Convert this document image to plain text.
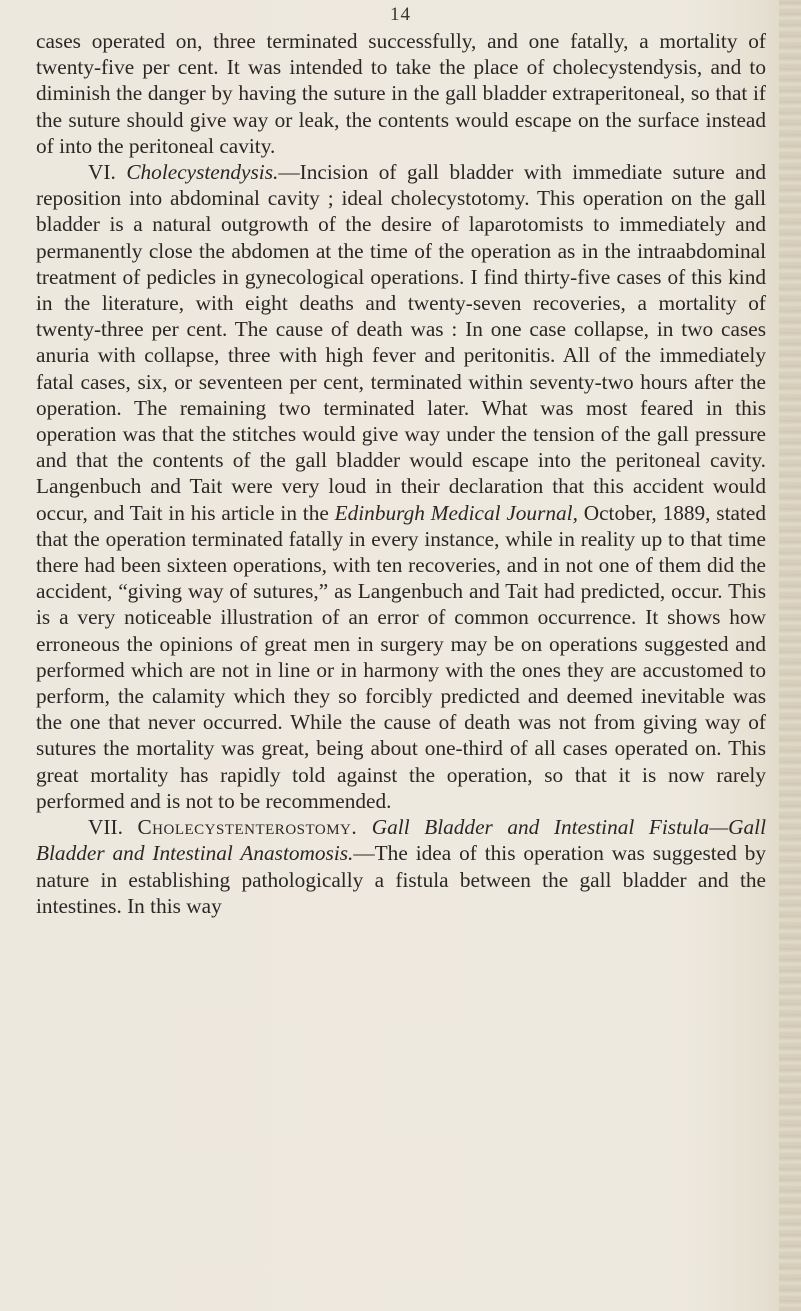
14

cases operated on, three terminated successfully, and one fatally, a mortality of twenty-five per cent. It was intended to take the place of cholecystendysis, and to diminish the danger by having the suture in the gall bladder extraperitoneal, so that if the suture should give way or leak, the contents would escape on the surface instead of into the peritoneal cavity.

VI. Cholecystendysis.—Incision of gall bladder with immediate suture and reposition into abdominal cavity ; ideal cholecystotomy. This operation on the gall bladder is a natural outgrowth of the desire of laparotomists to immediately and permanently close the abdomen at the time of the operation as in the intraabdominal treatment of pedicles in gynecological operations. I find thirty-five cases of this kind in the literature, with eight deaths and twenty-seven recoveries, a mortality of twenty-three per cent. The cause of death was : In one case collapse, in two cases anuria with collapse, three with high fever and peritonitis. All of the immediately fatal cases, six, or seventeen per cent, terminated within seventy-two hours after the operation. The remaining two terminated later. What was most feared in this operation was that the stitches would give way under the tension of the gall pressure and that the contents of the gall bladder would escape into the peritoneal cavity. Langenbuch and Tait were very loud in their declaration that this accident would occur, and Tait in his article in the Edinburgh Medical Journal, October, 1889, stated that the operation terminated fatally in every instance, while in reality up to that time there had been sixteen operations, with ten recoveries, and in not one of them did the accident, “giving way of sutures,” as Langenbuch and Tait had predicted, occur. This is a very noticeable illustration of an error of common occurrence. It shows how erroneous the opinions of great men in surgery may be on operations suggested and performed which are not in line or in harmony with the ones they are accustomed to perform, the calamity which they so forcibly predicted and deemed inevitable was the one that never occurred. While the cause of death was not from giving way of sutures the mortality was great, being about one-third of all cases operated on. This great mortality has rapidly told against the operation, so that it is now rarely performed and is not to be recommended.

VII. Cholecystenterostomy. Gall Bladder and Intestinal Fistula—Gall Bladder and Intestinal Anastomosis.—The idea of this operation was suggested by nature in establishing pathologically a fistula between the gall bladder and the intestines. In this way
